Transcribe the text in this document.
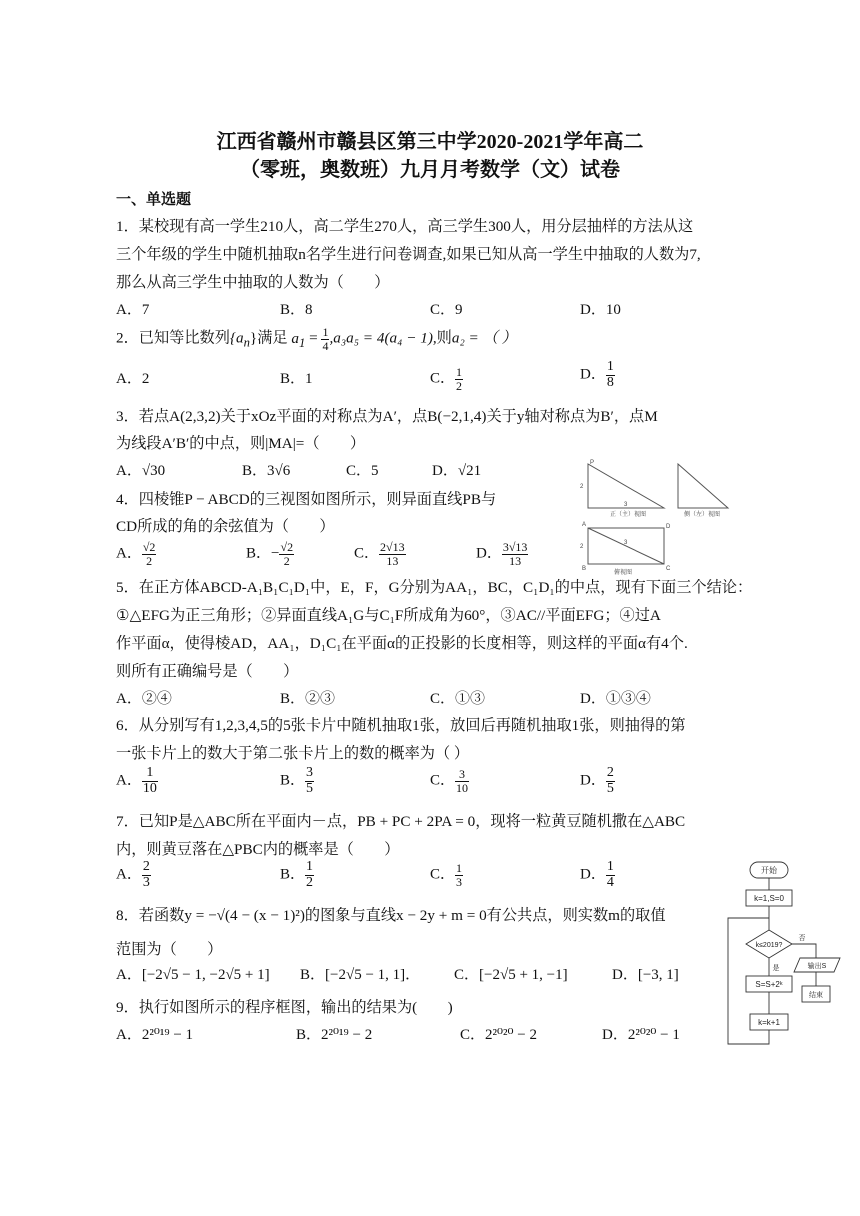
江西省赣州市赣县区第三中学2020-2021学年高二
（零班，奥数班）九月月考数学（文）试卷
一、单选题
1．某校现有高一学生210人，高二学生270人，高三学生300人，用分层抽样的方法从这
三个年级的学生中随机抽取n名学生进行问卷调查,如果已知从高一学生中抽取的人数为7,
那么从高三学生中抽取的人数为（　　）
A．7	B．8	C．9	D．10
2．已知等比数列$\{a_n\}$满足 $a_1 = \frac{1}{4} ,a_3a_5 = 4(a_4 - 1)$,则a₂ = （ ）
A．2	B．1	C． $\frac{1}{2}$	D． $\frac{1}{8}$
3．若点A(2,3,2)关于xOz平面的对称点为A′，点B(−2,1,4)关于y轴对称点为B′，点M
为线段A′B′的中点，则|MA|=（　　）
A．√30	B．3√6	C．5	D．√21
4．四棱锥P − ABCD的三视图如图所示，则异面直线PB与
CD所成的角的余弦值为（　　）
A． $\frac{√2}{2}$	B．− $\frac{√2}{2}$	C． $\frac{2√13}{13}$	D． $\frac{3√13}{13}$
P
2
3
正（主）视图	侧（左）视图
A
2
3
B	C
D
俯视图
5．在正方体ABCD-A₁B₁C₁D₁中，E，F，G分别为AA₁，BC，C₁D₁的中点，现有下面三个结论：
①△EFG为正三角形；②异面直线A₁G与C₁F所成角为60°，③AC//平面EFG；④过A
作平面α，使得棱AD，AA₁，D₁C₁在平面α的正投影的长度相等，则这样的平面α有4个.
则所有正确编号是（　　）
A．②④	B．②③	C．①③	D．①③④
6．从分别写有1,2,3,4,5的5张卡片中随机抽取1张，放回后再随机抽取1张，则抽得的第
一张卡片上的数大于第二张卡片上的数的概率为（ ）
A． $\frac{1}{10}$	B． $\frac{3}{5}$	C． $\frac{3}{10}$	D． $\frac{2}{5}$
7．已知P是△ABC所在平面内－点，PB + PC + 2PA = 0，现将一粒黄豆随机撒在△ABC
内，则黄豆落在△PBC内的概率是（　　）
A． $\frac{2}{3}$	B． $\frac{1}{2}$	C． $\frac{1}{3}$	D． $\frac{1}{4}$
8．若函数y = −√(4 − (x − 1)²)的图象与直线x − 2y + m = 0有公共点，则实数m的取值
范围为（　　）
A．[−2√5 − 1, −2√5 + 1] B．[−2√5 − 1, 1]． C．[−2√5 + 1, −1]	D．[−3, 1]
9．执行如图所示的程序框图，输出的结果为(　　)
A．2²⁰¹⁹ − 1	B．2²⁰¹⁹ − 2	C．2²⁰²⁰ − 2	D．2²⁰²⁰ − 1
开始
k=1,S=0
k≤2019?
是
否
S=S+2ᵏ
k=k+1
输出S
结束
